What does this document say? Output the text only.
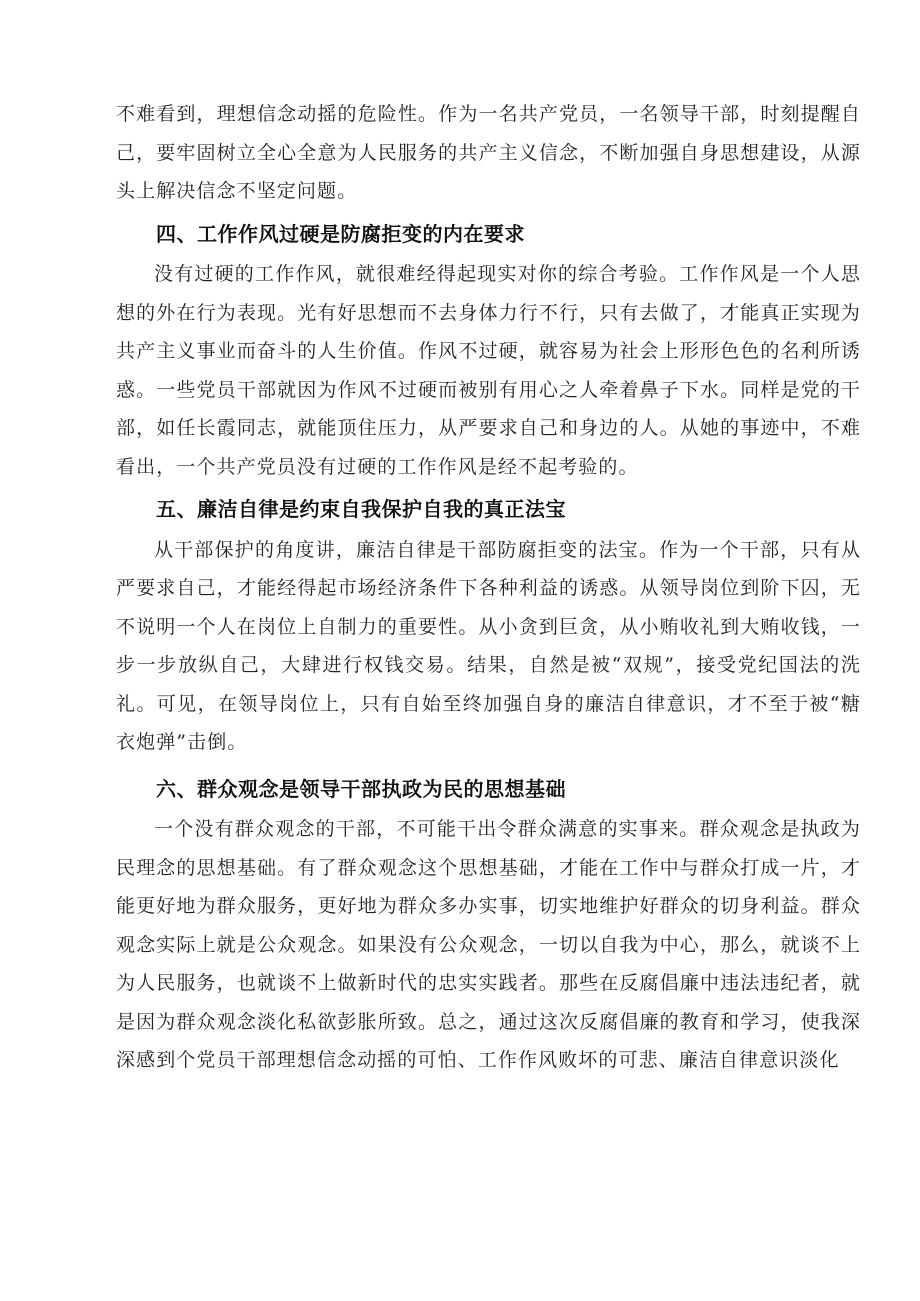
不难看到，理想信念动摇的危险性。作为一名共产党员，一名领导干部，时刻提醒自己，要牢固树立全心全意为人民服务的共产主义信念，不断加强自身思想建设，从源头上解决信念不坚定问题。

四、工作作风过硬是防腐拒变的内在要求

没有过硬的工作作风，就很难经得起现实对你的综合考验。工作作风是一个人思想的外在行为表现。光有好思想而不去身体力行不行，只有去做了，才能真正实现为共产主义事业而奋斗的人生价值。作风不过硬，就容易为社会上形形色色的名利所诱惑。一些党员干部就因为作风不过硬而被别有用心之人牵着鼻子下水。同样是党的干部，如任长霞同志，就能顶住压力，从严要求自己和身边的人。从她的事迹中，不难看出，一个共产党员没有过硬的工作作风是经不起考验的。

五、廉洁自律是约束自我保护自我的真正法宝

从干部保护的角度讲，廉洁自律是干部防腐拒变的法宝。作为一个干部，只有从严要求自己，才能经得起市场经济条件下各种利益的诱惑。从领导岗位到阶下囚，无不说明一个人在岗位上自制力的重要性。从小贪到巨贪，从小贿收礼到大贿收钱，一步一步放纵自己，大肆进行权钱交易。结果，自然是被“双规”，接受党纪国法的洗礼。可见，在领导岗位上，只有自始至终加强自身的廉洁自律意识，才不至于被“糖衣炮弹”击倒。

六、群众观念是领导干部执政为民的思想基础

一个没有群众观念的干部，不可能干出令群众满意的实事来。群众观念是执政为民理念的思想基础。有了群众观念这个思想基础，才能在工作中与群众打成一片，才能更好地为群众服务，更好地为群众多办实事，切实地维护好群众的切身利益。群众观念实际上就是公众观念。如果没有公众观念，一切以自我为中心，那么，就谈不上为人民服务，也就谈不上做新时代的忠实实践者。那些在反腐倡廉中违法违纪者，就是因为群众观念淡化私欲彭胀所致。总之，通过这次反腐倡廉的教育和学习，使我深深感到个党员干部理想信念动摇的可怕、工作作风败坏的可悲、廉洁自律意识淡化
